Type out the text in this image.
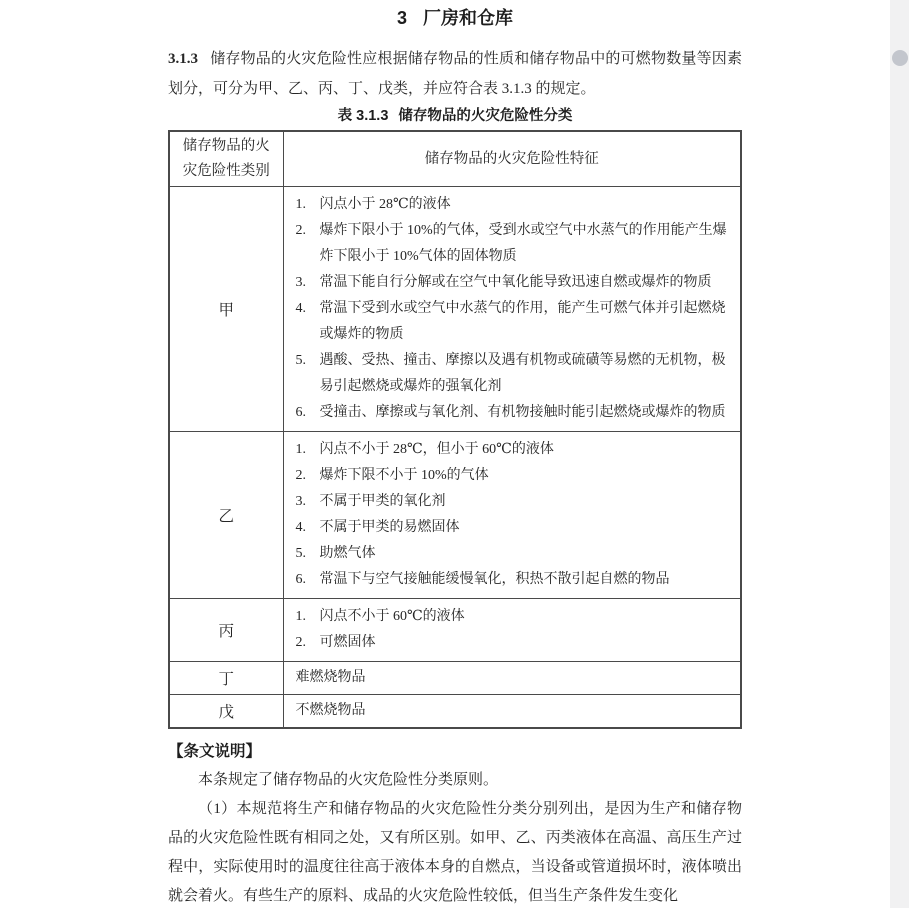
3 厂房和仓库

3.1.3 储存物品的火灾危险性应根据储存物品的性质和储存物品中的可燃物数量等因素划分，可分为甲、乙、丙、丁、戊类，并应符合表 3.1.3 的规定。

表 3.1.3 储存物品的火灾危险性分类
储存物品的火灾危险性类别	储存物品的火灾危险性特征
甲	
1. 闪点小于 28℃的液体
2. 爆炸下限小于 10%的气体，受到水或空气中水蒸气的作用能产生爆炸下限小于 10%气体的固体物质
3. 常温下能自行分解或在空气中氧化能导致迅速自燃或爆炸的物质
4. 常温下受到水或空气中水蒸气的作用，能产生可燃气体并引起燃烧或爆炸的物质
5. 遇酸、受热、撞击、摩擦以及遇有机物或硫磺等易燃的无机物，极易引起燃烧或爆炸的强氧化剂
6. 受撞击、摩擦或与氧化剂、有机物接触时能引起燃烧或爆炸的物质

乙	
1. 闪点不小于 28℃，但小于 60℃的液体
2. 爆炸下限不小于 10%的气体
3. 不属于甲类的氧化剂
4. 不属于甲类的易燃固体
5. 助燃气体
6. 常温下与空气接触能缓慢氧化，积热不散引起自燃的物品

丙	1. 闪点不小于 60℃的液体
2. 可燃固体

丁	难燃烧物品
戊	不燃烧物品
【条文说明】

本条规定了储存物品的火灾危险性分类原则。

（1）本规范将生产和储存物品的火灾危险性分类分别列出，是因为生产和储存物品的火灾危险性既有相同之处，又有所区别。如甲、乙、丙类液体在高温、高压生产过程中，实际使用时的温度往往高于液体本身的自燃点，当设备或管道损坏时，液体喷出就会着火。有些生产的原料、成品的火灾危险性较低，但当生产条件发生变化
